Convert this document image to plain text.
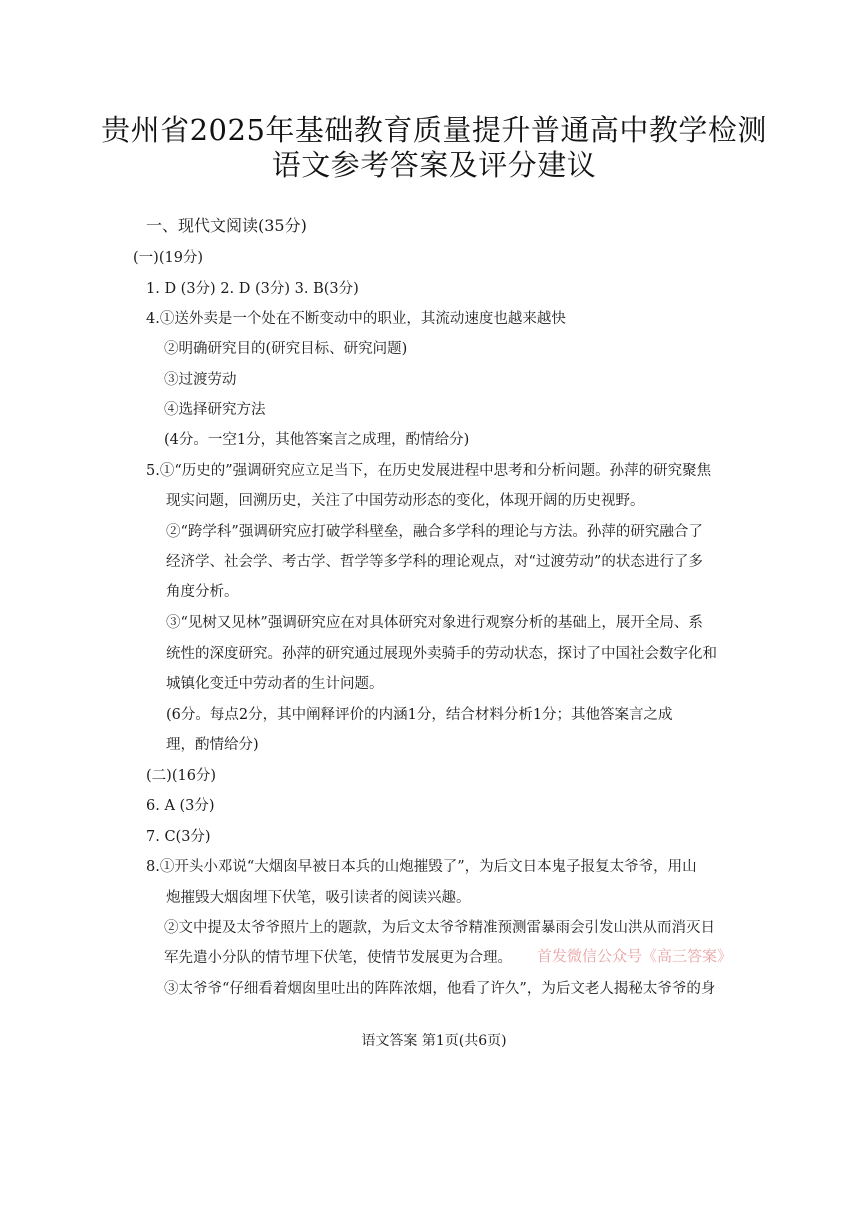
贵州省2025年基础教育质量提升普通高中教学检测
语文参考答案及评分建议
一、现代文阅读(35分)
(一)(19分)
1. D (3分) 2. D (3分) 3. B(3分)
4.①送外卖是一个处在不断变动中的职业，其流动速度也越来越快
②明确研究目的(研究目标、研究问题)
③过渡劳动
④选择研究方法
(4分。一空1分，其他答案言之成理，酌情给分)
5.①“历史的”强调研究应立足当下，在历史发展进程中思考和分析问题。孙萍的研究聚焦
现实问题，回溯历史，关注了中国劳动形态的变化，体现开阔的历史视野。
②“跨学科”强调研究应打破学科壁垒，融合多学科的理论与方法。孙萍的研究融合了
经济学、社会学、考古学、哲学等多学科的理论观点，对“过渡劳动”的状态进行了多
角度分析。
③“见树又见林”强调研究应在对具体研究对象进行观察分析的基础上，展开全局、系
统性的深度研究。孙萍的研究通过展现外卖骑手的劳动状态，探讨了中国社会数字化和
城镇化变迁中劳动者的生计问题。
(6分。每点2分，其中阐释评价的内涵1分，结合材料分析1分；其他答案言之成
理，酌情给分)
(二)(16分)
6. A (3分)
7. C(3分)
8.①开头小邓说“大烟囱早被日本兵的山炮摧毁了”，为后文日本鬼子报复太爷爷，用山
炮摧毁大烟囱埋下伏笔，吸引读者的阅读兴趣。
②文中提及太爷爷照片上的题款，为后文太爷爷精准预测雷暴雨会引发山洪从而消灭日
军先遣小分队的情节埋下伏笔，使情节发展更为合理。
③太爷爷“仔细看着烟囱里吐出的阵阵浓烟，他看了许久”，为后文老人揭秘太爷爷的身
首发微信公众号《高三答案》
语文答案 第1页(共6页)
